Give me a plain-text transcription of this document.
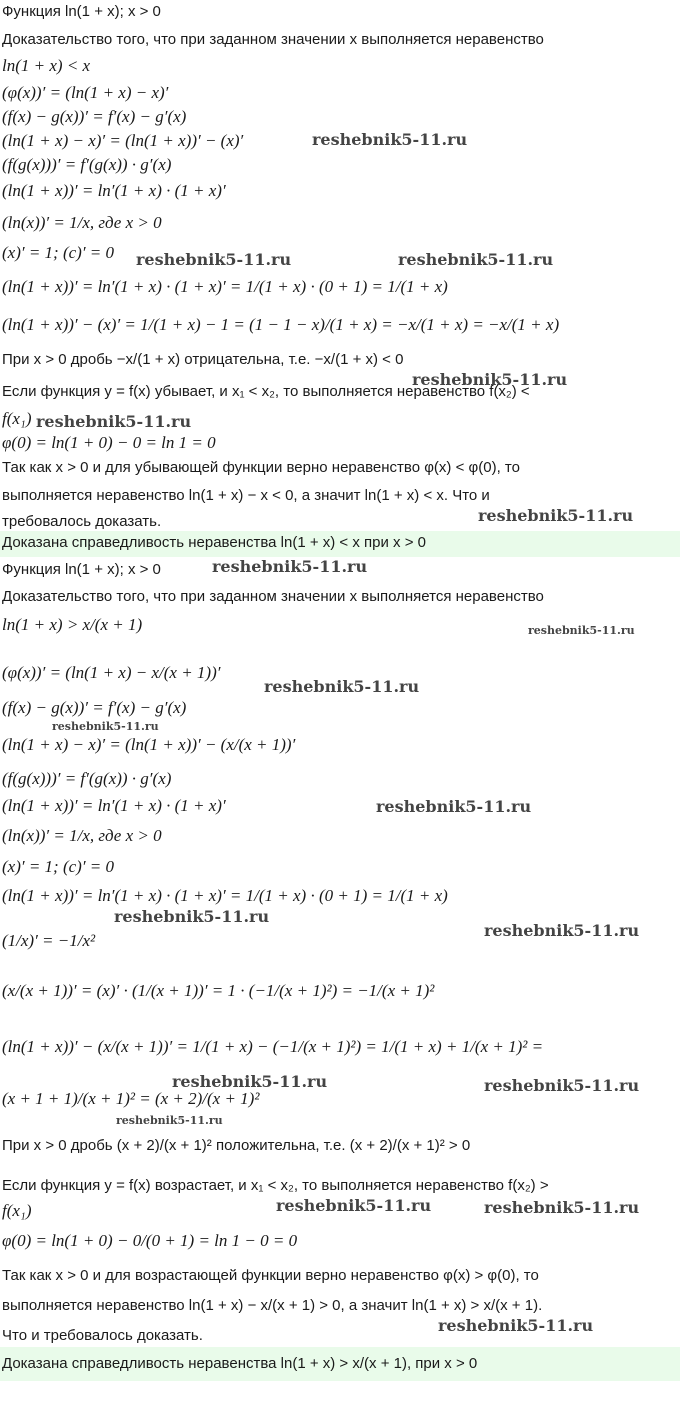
Функция ln(1 + x); x > 0
Доказательство того, что при заданном значении x выполняется неравенство
ln(1 + x) < x
(φ(x))′ = (ln(1 + x) − x)′
(f(x) − g(x))′ = f′(x) − g′(x)
(ln(1 + x) − x)′ = (ln(1 + x))′ − (x)′
(f(g(x)))′ = f′(g(x)) · g′(x)
(ln(1 + x))′ = ln′(1 + x) · (1 + x)′
(ln(x))′ = 1/x, где x > 0
(x)′ = 1; (c)′ = 0
(ln(1 + x))′ = ln′(1 + x) · (1 + x)′ = 1/(1 + x) · (0 + 1) = 1/(1 + x)
(ln(1 + x))′ − (x)′ = 1/(1 + x) − 1 = (1 − 1 − x)/(1 + x) = −x/(1 + x) = −x/(1 + x)
При x > 0 дробь −x/(1 + x) отрицательна, т.е. −x/(1 + x) < 0
Если функция y = f(x) убывает, и x₁ < x₂, то выполняется неравенство f(x₂) <
f(x₁)
φ(0) = ln(1 + 0) − 0 = ln 1 = 0
Так как x > 0 и для убывающей функции верно неравенство φ(x) < φ(0), то
выполняется неравенство ln(1 + x) − x < 0, а значит ln(1 + x) < x. Что и
требовалось доказать.
Доказана справедливость неравенства ln(1 + x) < x при x > 0
Функция ln(1 + x); x > 0
Доказательство того, что при заданном значении x выполняется неравенство
ln(1 + x) > x/(x + 1)
(φ(x))′ = (ln(1 + x) − x/(x + 1))′
(f(x) − g(x))′ = f′(x) − g′(x)
(ln(1 + x) − x)′ = (ln(1 + x))′ − (x/(x + 1))′
(f(g(x)))′ = f′(g(x)) · g′(x)
(ln(1 + x))′ = ln′(1 + x) · (1 + x)′
(ln(x))′ = 1/x, где x > 0
(x)′ = 1; (c)′ = 0
(ln(1 + x))′ = ln′(1 + x) · (1 + x)′ = 1/(1 + x) · (0 + 1) = 1/(1 + x)
(1/x)′ = −1/x²
(x/(x + 1))′ = (x)′ · (1/(x + 1))′ = 1 · (−1/(x + 1)²) = −1/(x + 1)²
(ln(1 + x))′ − (x/(x + 1))′ = 1/(1 + x) − (−1/(x + 1)²) = 1/(1 + x) + 1/(x + 1)² =
(x + 1 + 1)/(x + 1)² = (x + 2)/(x + 1)²
При x > 0 дробь (x + 2)/(x + 1)² положительна, т.е. (x + 2)/(x + 1)² > 0
Если функция y = f(x) возрастает, и x₁ < x₂, то выполняется неравенство f(x₂) >
f(x₁)
φ(0) = ln(1 + 0) − 0/(0 + 1) = ln 1 − 0 = 0
Так как x > 0 и для возрастающей функции верно неравенство φ(x) > φ(0), то
выполняется неравенство ln(1 + x) − x/(x + 1) > 0, а значит ln(1 + x) > x/(x + 1).
Что и требовалось доказать.
Доказана справедливость неравенства ln(1 + x) > x/(x + 1), при x > 0
reshebnik5-11.ru
reshebnik5-11.ru	reshebnik5-11.ru
reshebnik5-11.ru
reshebnik5-11.ru
reshebnik5-11.ru
reshebnik5-11.ru
reshebnik5-11.ru
reshebnik5-11.ru
reshebnik5-11.ru
reshebnik5-11.ru
reshebnik5-11.ru
reshebnik5-11.ru
reshebnik5-11.ru	reshebnik5-11.ru
reshebnik5-11.ru
reshebnik5-11.ru	reshebnik5-11.ru
reshebnik5-11.ru
